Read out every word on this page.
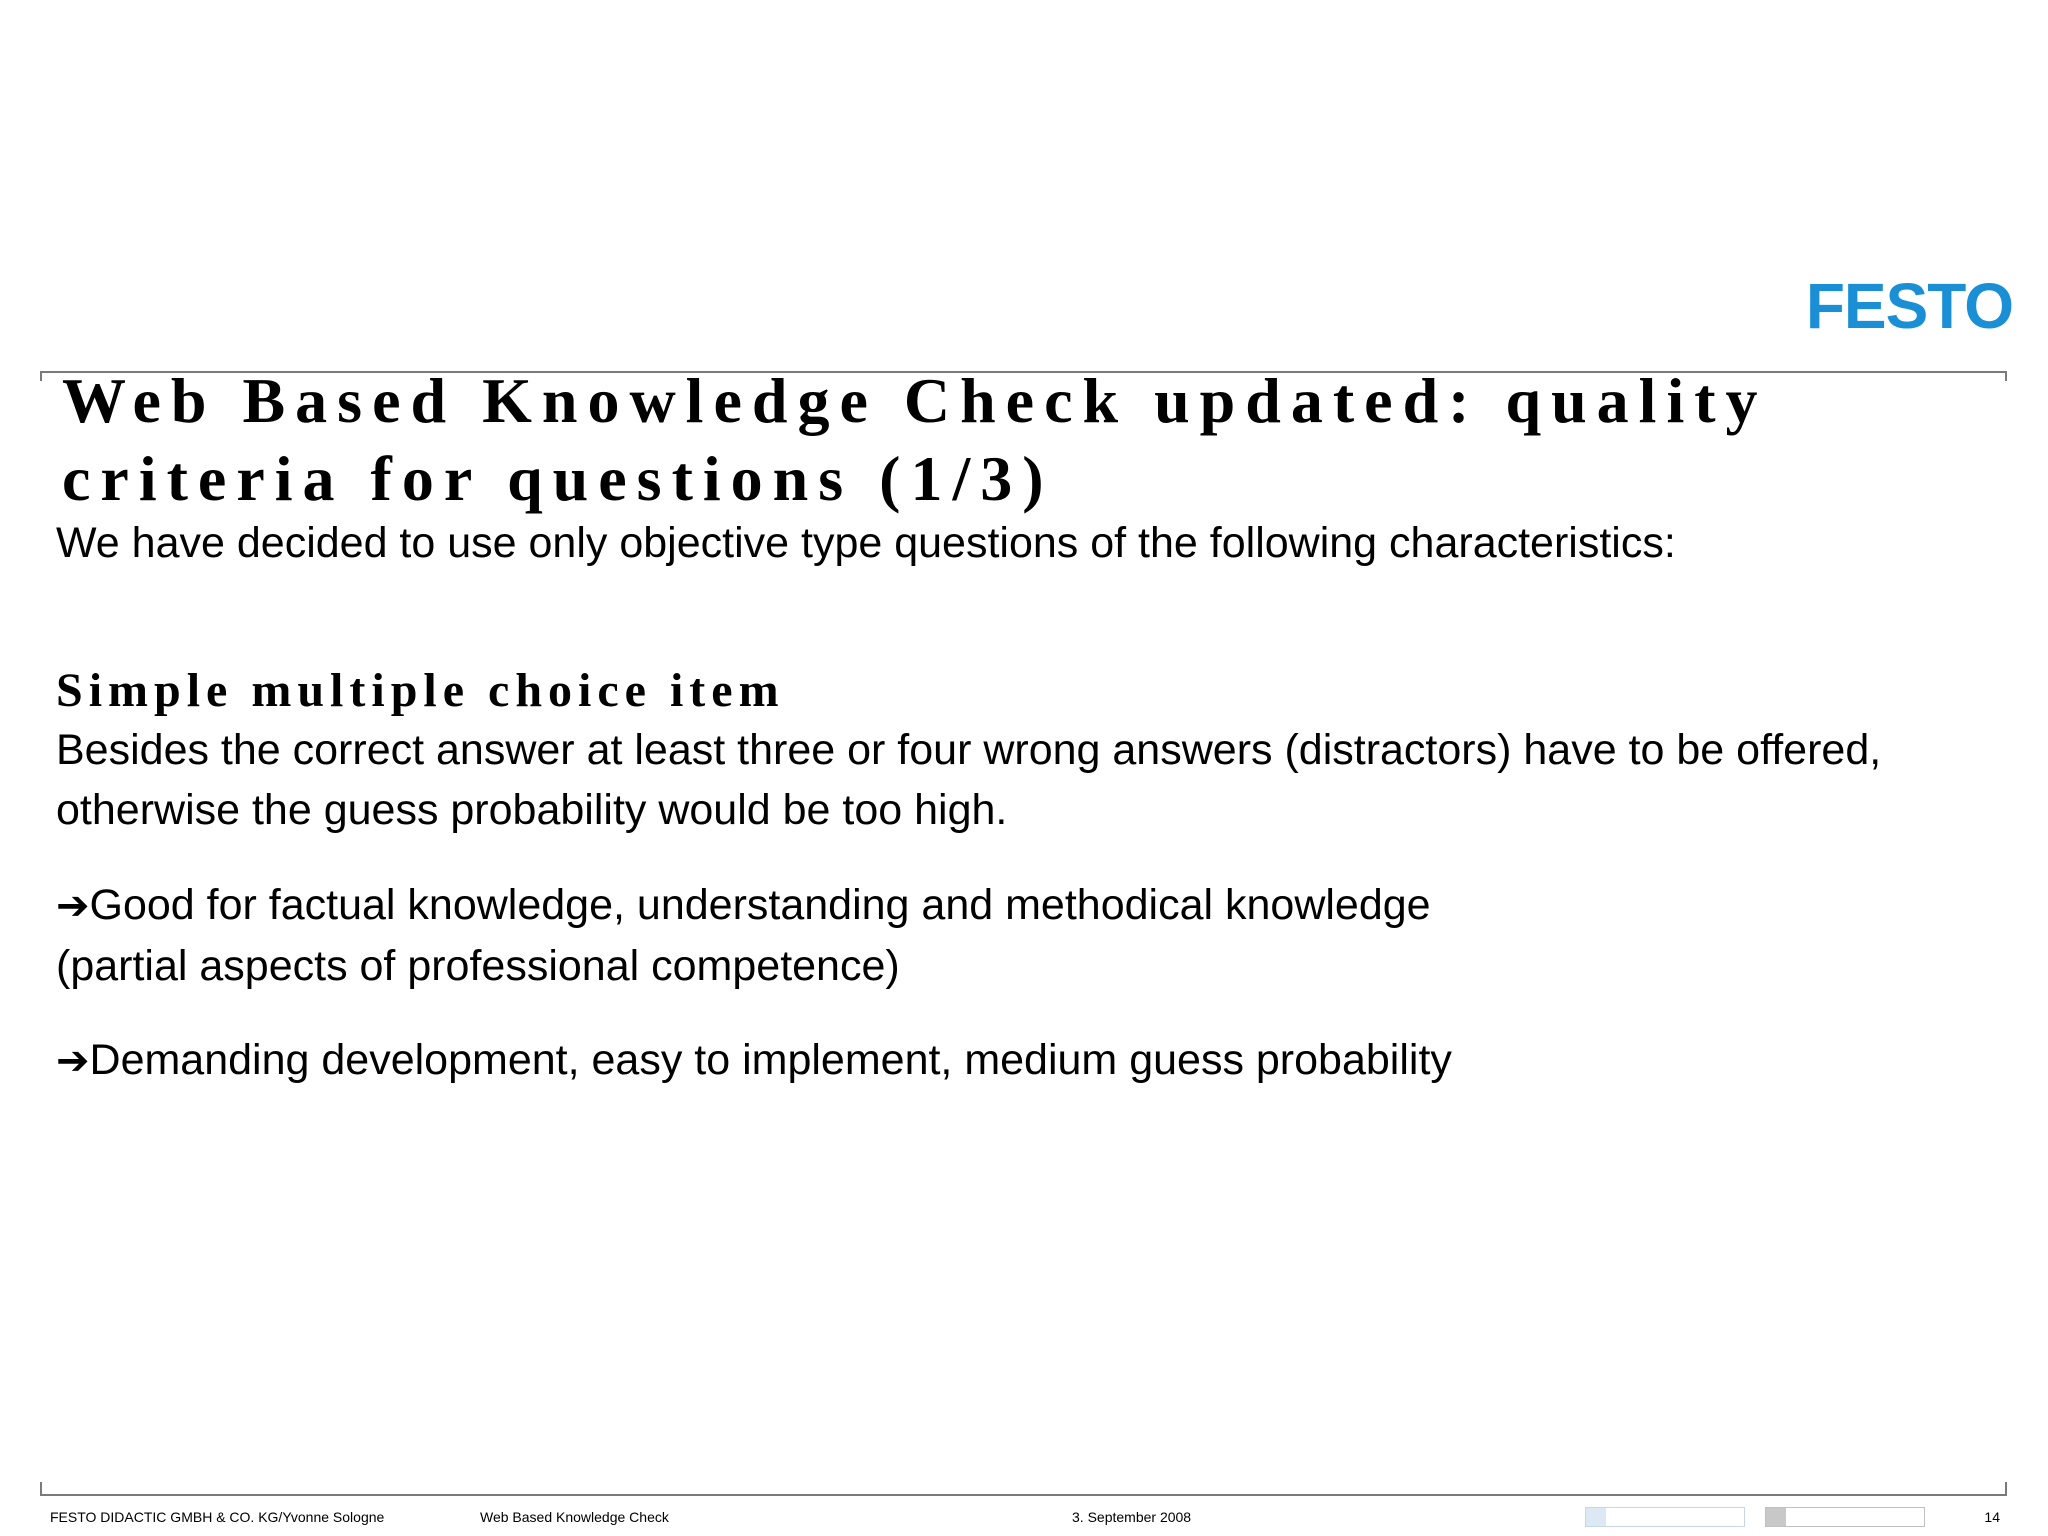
FESTO
Web Based Knowledge Check updated: quality
criteria for questions (1/3)

We have decided to use only objective type questions of the following characteristics:

Simple multiple choice item

Besides the correct answer at least three or four wrong answers (distractors) have to be offered,
otherwise the guess probability would be too high.

➔Good for factual knowledge, understanding and methodical knowledge
(partial aspects of professional competence)

➔Demanding development, easy to implement, medium guess probability

FESTO DIDACTIC GMBH & CO. KG/Yvonne Sologne	Web Based Knowledge Check	3. September 2008	14
